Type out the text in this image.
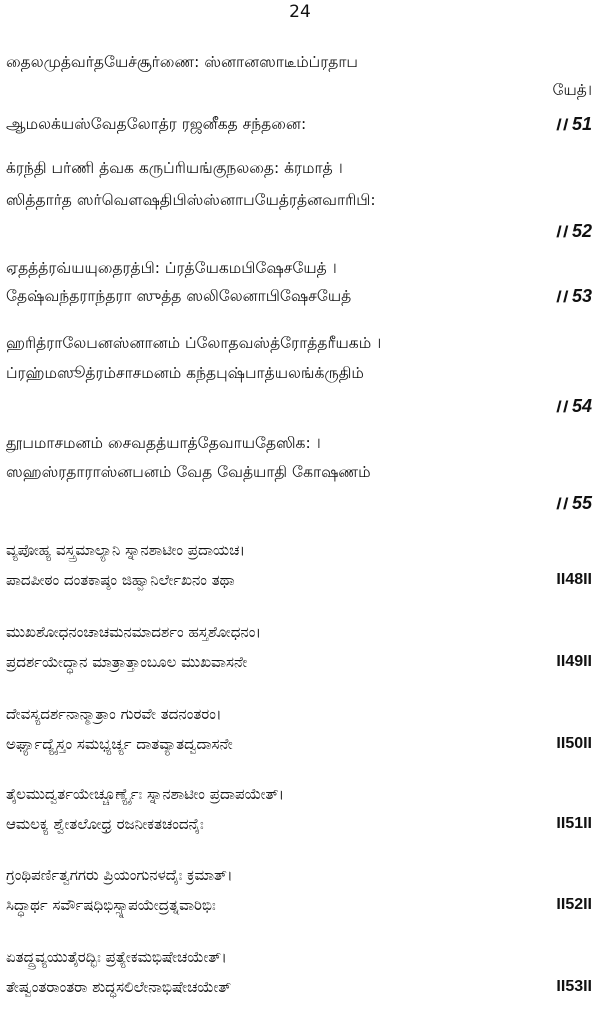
24
தைலமுத்வர்தயேச்சூர்ணை: ஸ்னானஸாடீம்ப்ரதாப
யேத்।
ஆமலக்யஸ்வேதலோத்ர ரஜனீகத சந்தனை:	।। 51
க்ரந்தி பர்ணி த்வக கருப்ரியங்குநலதை: க்ரமாத் ।
ஸித்தார்த ஸர்வௌஷதிபிஸ்ஸ்னாபயேத்ரத்னவாரிபி:
।। 52
ஏதத்த்ரவ்யயுதைரத்பி: ப்ரத்யேகமபிஷேசயேத் ।
தேஷ்வந்தராந்தரா ஸுத்த ஸலிலேனாபிஷேசயேத்	।। 53
ஹரித்ராலேபனஸ்னானம் ப்லோதவஸ்த்ரோத்தரீயகம் ।
ப்ரஹ்மஸூத்ரம்சாசமனம் கந்தபுஷ்பாத்யலங்க்ருதிம்
।। 54
தூபமாசமனம் சைவதத்யாத்தேவாயதேஸிக: ।
ஸஹஸ்ரதாராஸ்னபனம் வேத வேத்யாதி கோஷணம்
।। 55
ವ್ಯಪೋಹ್ಯ ವಸ್ತ್ರಮಾಲ್ಯಾನಿ ಸ್ನಾನಶಾಟೀಂ ಪ್ರದಾಯಚ।
ಪಾದಪೀಠಂ ದಂತಕಾಷ್ಠಂ ಜಿಹ್ವಾನಿರ್ಲೇಖನಂ ತಥಾ	II48II
ಮುಖಶೋಧನಂಚಾಚಮನಮಾದರ್ಶಂ ಹಸ್ತಶೋಧನಂ।
ಪ್ರದರ್ಶಯೇದ್ಧಾನ ಮಾತ್ರಾತ್ತಾಂಬೂಲ ಮುಖವಾಸನೇ	II49II
ದೇವಸ್ಯದರ್ಶನಾನ್ಮಾತ್ರಾಂ ಗುರವೇ ತದನಂತರಂ।
ಅರ್ಘ್ಯಾದ್ಯೈಸ್ತಂ ಸಮಭ್ಯರ್ಚ್ಯ ದಾತವ್ಯಾತದ್ವದಾಸನೇ	II50II
ತೈಲಮುದ್ವರ್ತಯೇಚ್ಚೂರ್ಣ್ಯೈಃ ಸ್ನಾನಶಾಟೀಂ ಪ್ರದಾಪಯೇತ್।
ಆಮಲಕ್ಯ ಶ್ವೇತಲೋಧ್ರ ರಜನೀಕತಚಂದನೈಃ	II51II
ಗ್ರಂಥಿಪರ್ಣಿತ್ವಗಗರು ಪ್ರಿಯಂಗುನಳದೈಃ ಕ್ರಮಾತ್।
ಸಿದ್ಧಾರ್ಥ ಸರ್ವೌಷಧಿಭಿಸ್ಸ್ನಾಪಯೇದ್ರತ್ನವಾರಿಭಿಃ	II52II
ಏತದ್ದ್ರವ್ಯಯುತೈರದ್ಭಿಃ ಪ್ರತ್ಯೇಕಮಭಿಷೇಚಯೇತ್।
ತೇಷ್ವಂತರಾಂತರಾ ಶುದ್ಧಸಲಿಲೇನಾಭಿಷೇಚಯೇತ್	II53II
